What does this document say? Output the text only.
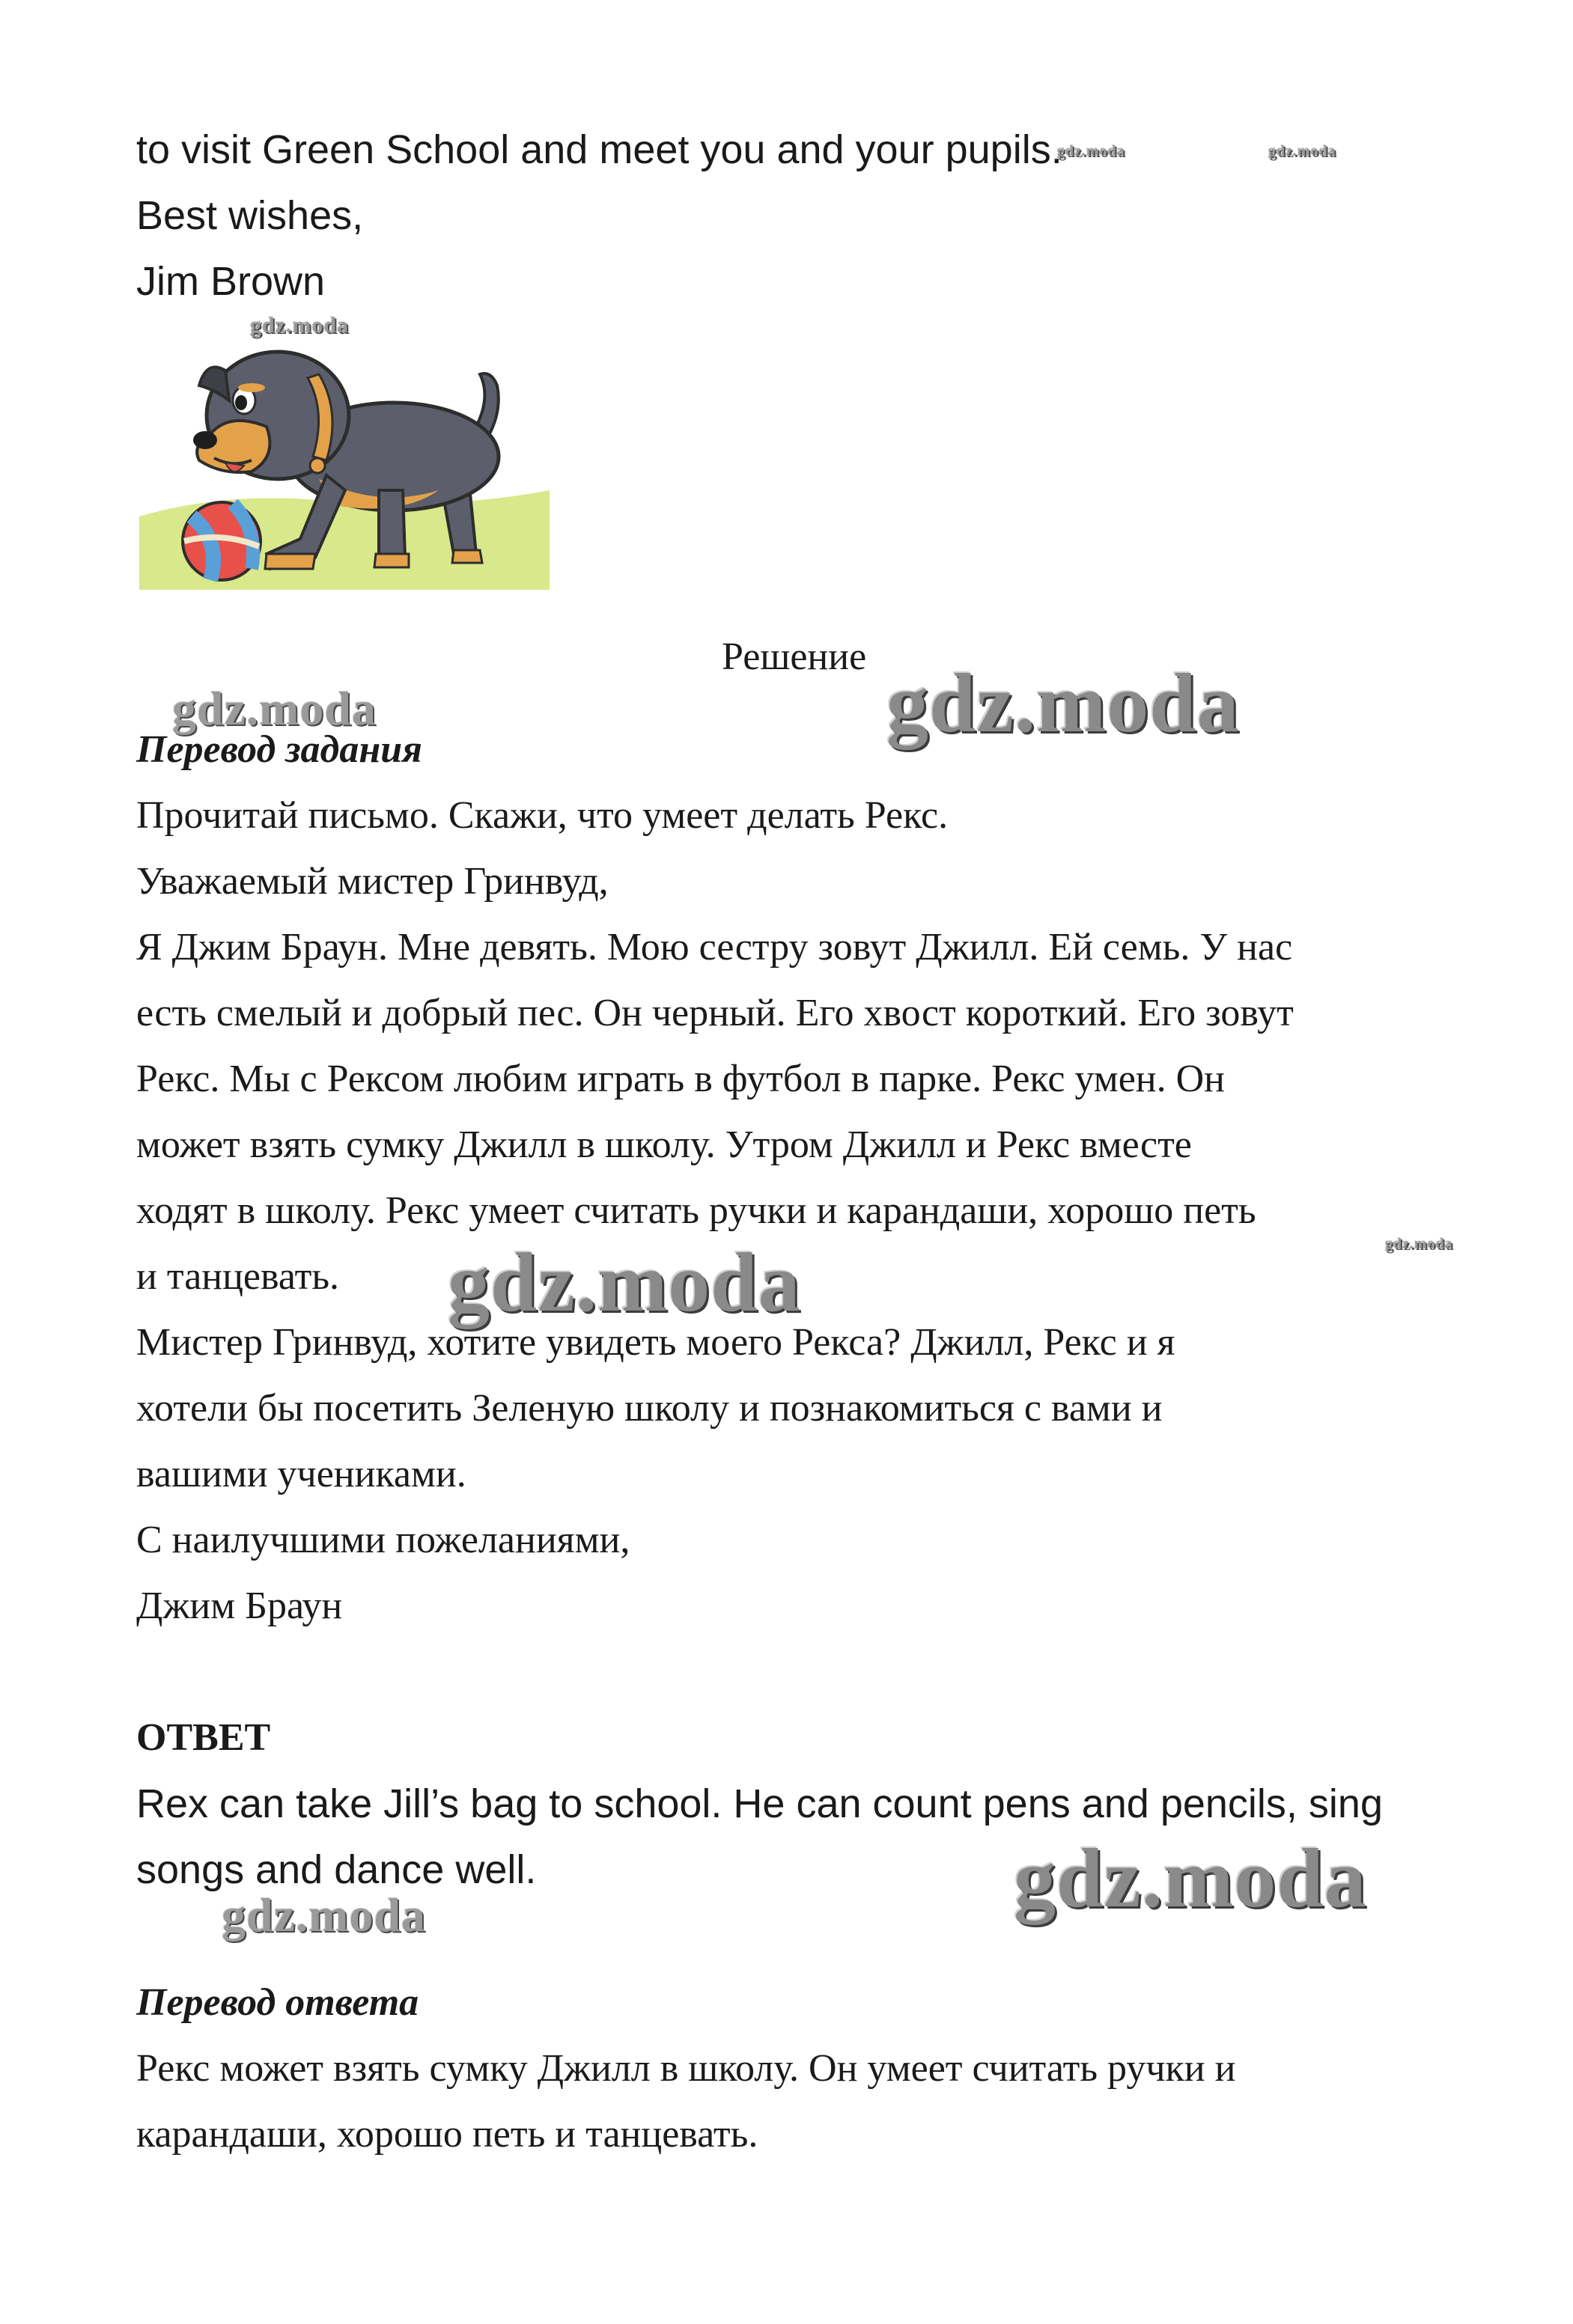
to visit Green School and meet you and your pupils.

Best wishes,

Jim Brown

Решение

Перевод задания

Прочитай письмо. Скажи, что умеет делать Рекс.

Уважаемый мистер Гринвуд,

Я Джим Браун. Мне девять. Мою сестру зовут Джилл. Ей семь. У нас

есть смелый и добрый пес. Он черный. Его хвост короткий. Его зовут

Рекс. Мы с Рексом любим играть в футбол в парке. Рекс умен. Он

может взять сумку Джилл в школу. Утром Джилл и Рекс вместе

ходят в школу. Рекс умеет считать ручки и карандаши, хорошо петь

и танцевать.

Мистер Гринвуд, хотите увидеть моего Рекса? Джилл, Рекс и я

хотели бы посетить Зеленую школу и познакомиться с вами и

вашими учениками.

С наилучшими пожеланиями,

Джим Браун

ОТВЕТ

Rex can take Jill’s bag to school. He can count pens and pencils, sing

songs and dance well.

Перевод ответа

Рекс может взять сумку Джилл в школу. Он умеет считать ручки и

карандаши, хорошо петь и танцевать.

gdz.moda	gdz.moda
gdz.moda
gdz.moda	gdz.moda
gdz.moda
gdz.moda
gdz.moda
gdz.moda
